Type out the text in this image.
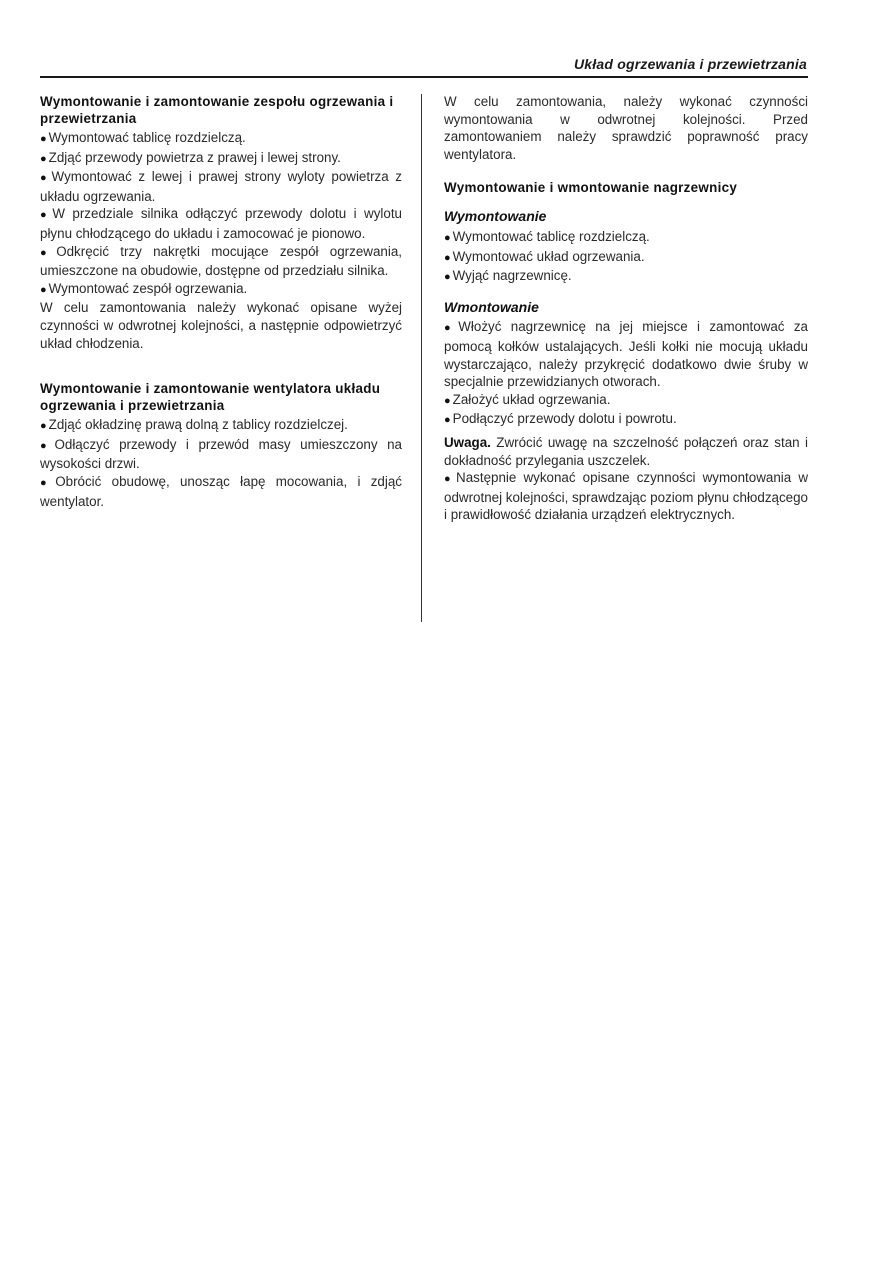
Układ ogrzewania i przewietrzania
Wymontowanie i zamontowanie zespołu ogrzewania i przewietrzania

● Wymontować tablicę rozdzielczą.

● Zdjąć przewody powietrza z prawej i lewej strony.

● Wymontować z lewej i prawej strony wyloty powietrza z układu ogrzewania.

● W przedziale silnika odłączyć przewody dolotu i wylotu płynu chłodzącego do układu i zamocować je pionowo.

● Odkręcić trzy nakrętki mocujące zespół ogrzewania, umieszczone na obudowie, dostępne od przedziału silnika.

● Wymontować zespół ogrzewania.

W celu zamontowania należy wykonać opisane wyżej czynności w odwrotnej kolejności, a następnie odpowietrzyć układ chłodzenia.

Wymontowanie i zamontowanie wentylatora układu ogrzewania i przewietrzania

● Zdjąć okładzinę prawą dolną z tablicy rozdzielczej.

● Odłączyć przewody i przewód masy umieszczony na wysokości drzwi.

● Obrócić obudowę, unosząc łapę mocowania, i zdjąć wentylator.

W celu zamontowania, należy wykonać czynności wymontowania w odwrotnej kolejności. Przed zamontowaniem należy sprawdzić poprawność pracy wentylatora.

Wymontowanie i wmontowanie nagrzewnicy
Wymontowanie

● Wymontować tablicę rozdzielczą.

● Wymontować układ ogrzewania.

● Wyjąć nagrzewnicę.

Wmontowanie

● Włożyć nagrzewnicę na jej miejsce i zamontować za pomocą kołków ustalających. Jeśli kołki nie mocują układu wystarczająco, należy przykręcić dodatkowo dwie śruby w specjalnie przewidzianych otworach.

● Założyć układ ogrzewania.

● Podłączyć przewody dolotu i powrotu.

Uwaga. Zwrócić uwagę na szczelność połączeń oraz stan i dokładność przylegania uszczelek.

● Następnie wykonać opisane czynności wymontowania w odwrotnej kolejności, sprawdzając poziom płynu chłodzącego i prawidłowość działania urządzeń elektrycznych.
